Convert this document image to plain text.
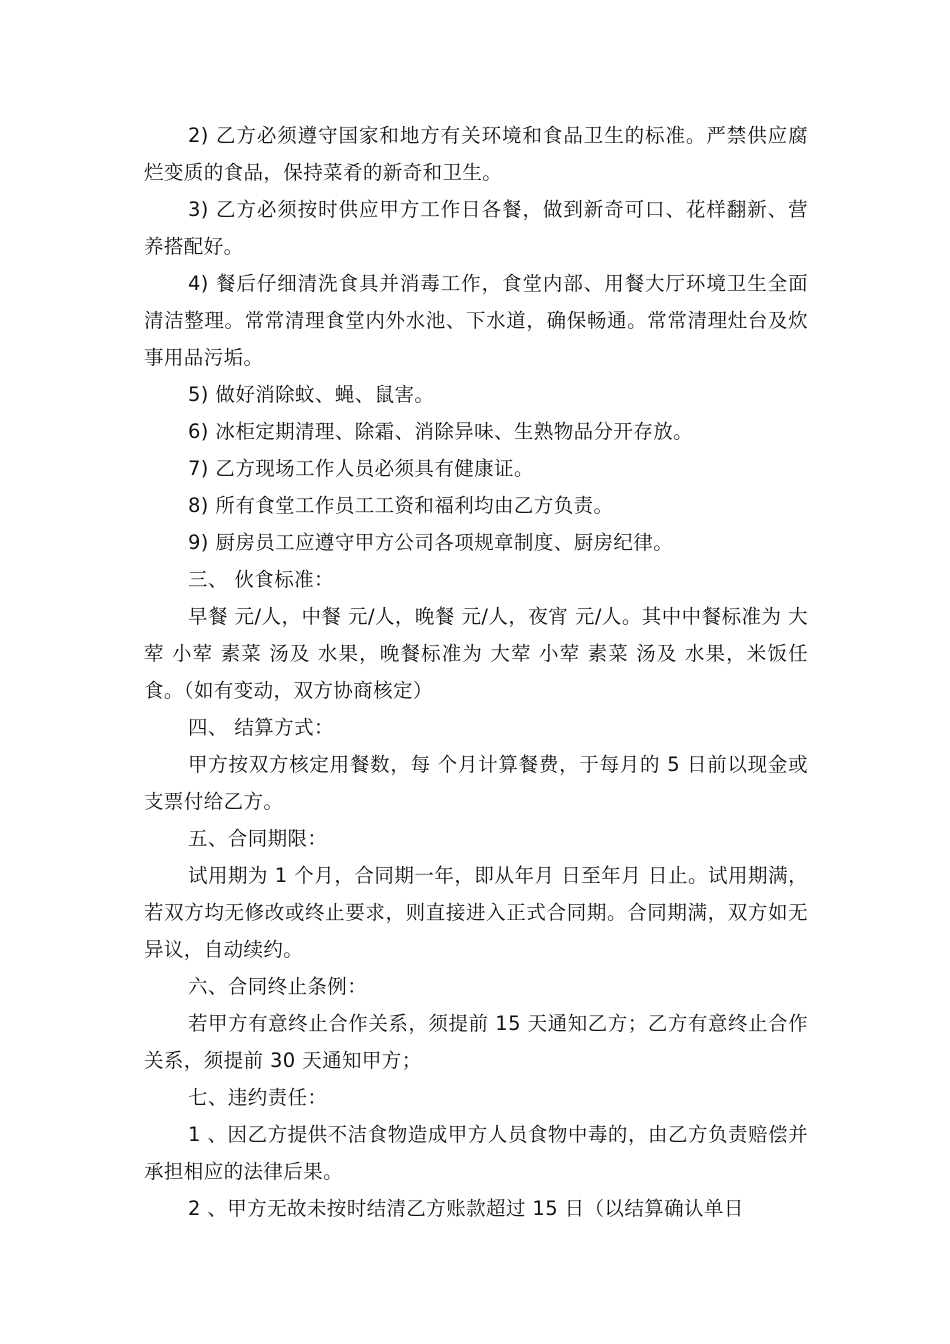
2) 乙方必须遵守国家和地方有关环境和食品卫生的标准。严禁供应腐烂变质的食品，保持菜肴的新奇和卫生。

3) 乙方必须按时供应甲方工作日各餐，做到新奇可口、花样翻新、营养搭配好。

4) 餐后仔细清洗食具并消毒工作，食堂内部、用餐大厅环境卫生全面清洁整理。常常清理食堂内外水池、下水道，确保畅通。常常清理灶台及炊事用品污垢。

5) 做好消除蚊、蝇、鼠害。

6) 冰柜定期清理、除霜、消除异味、生熟物品分开存放。

7) 乙方现场工作人员必须具有健康证。

8) 所有食堂工作员工工资和福利均由乙方负责。

9) 厨房员工应遵守甲方公司各项规章制度、厨房纪律。

三、 伙食标准：

早餐 元/人，中餐 元/人，晚餐 元/人，夜宵 元/人。其中中餐标准为 大荤 小荤 素菜 汤及 水果，晚餐标准为 大荤 小荤 素菜 汤及 水果，米饭任食。（如有变动，双方协商核定）

四、 结算方式：

甲方按双方核定用餐数，每 个月计算餐费，于每月的 5 日前以现金或支票付给乙方。

五、合同期限：

试用期为 1 个月，合同期一年，即从年月 日至年月 日止。试用期满，若双方均无修改或终止要求，则直接进入正式合同期。合同期满，双方如无异议，自动续约。

六、合同终止条例：

若甲方有意终止合作关系，须提前 15 天通知乙方；乙方有意终止合作关系，须提前 30 天通知甲方；

七、违约责任：

1 、因乙方提供不洁食物造成甲方人员食物中毒的，由乙方负责赔偿并承担相应的法律后果。

2 、甲方无故未按时结清乙方账款超过 15 日（以结算确认单日
